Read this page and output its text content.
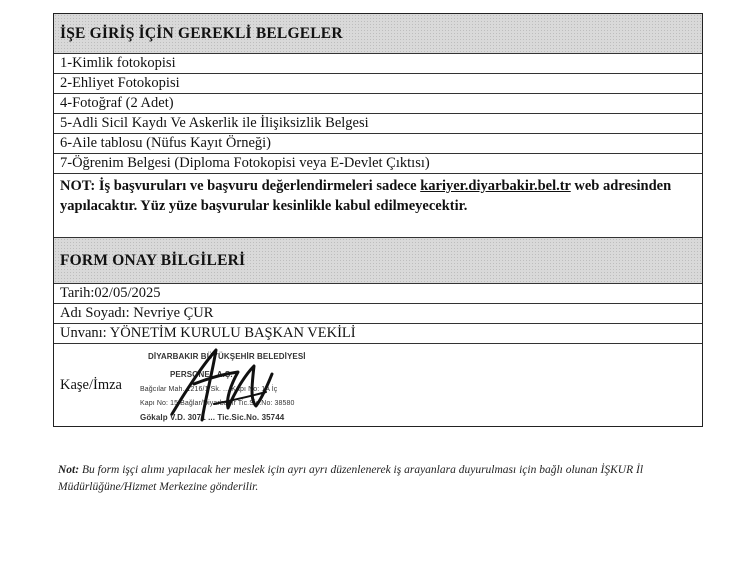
İŞE GİRİŞ İÇİN GEREKLİ BELGELER
1-Kimlik fotokopisi
2-Ehliyet Fotokopisi
4-Fotoğraf (2 Adet)
5-Adli Sicil Kaydı Ve Askerlik ile İlişiksizlik Belgesi
6-Aile tablosu (Nüfus Kayıt Örneği)
7-Öğrenim Belgesi (Diploma Fotokopisi veya E-Devlet Çıktısı)
NOT: İş başvuruları ve başvuru değerlendirmeleri sadece kariyer.diyarbakir.bel.tr web adresinden yapılacaktır. Yüz yüze başvurular kesinlikle kabul edilmeyecektir.
FORM ONAY BİLGİLERİ
Tarih:02/05/2025
Adı Soyadı: Nevriye ÇUR
Unvanı: YÖNETİM KURULU BAŞKAN VEKİLİ
Kaşe/İmza
DİYARBAKIR BÜYÜKŞEHİR BELEDİYESİ
PERSONEL A.Ş.
Bağcılar Mah. 1216/1 Sk. ... Kapı No: 1A İç
Kapı No: 15 Bağlar/Diyarbakır Tic.Sic.No: 38580
Gökalp V.D. 3071 ... Tic.Sic.No. 35744
Not: Bu form işçi alımı yapılacak her meslek için ayrı ayrı düzenlenerek iş arayanlara duyurulması için bağlı olunan İŞKUR İl Müdürlüğüne/Hizmet Merkezine gönderilir.
